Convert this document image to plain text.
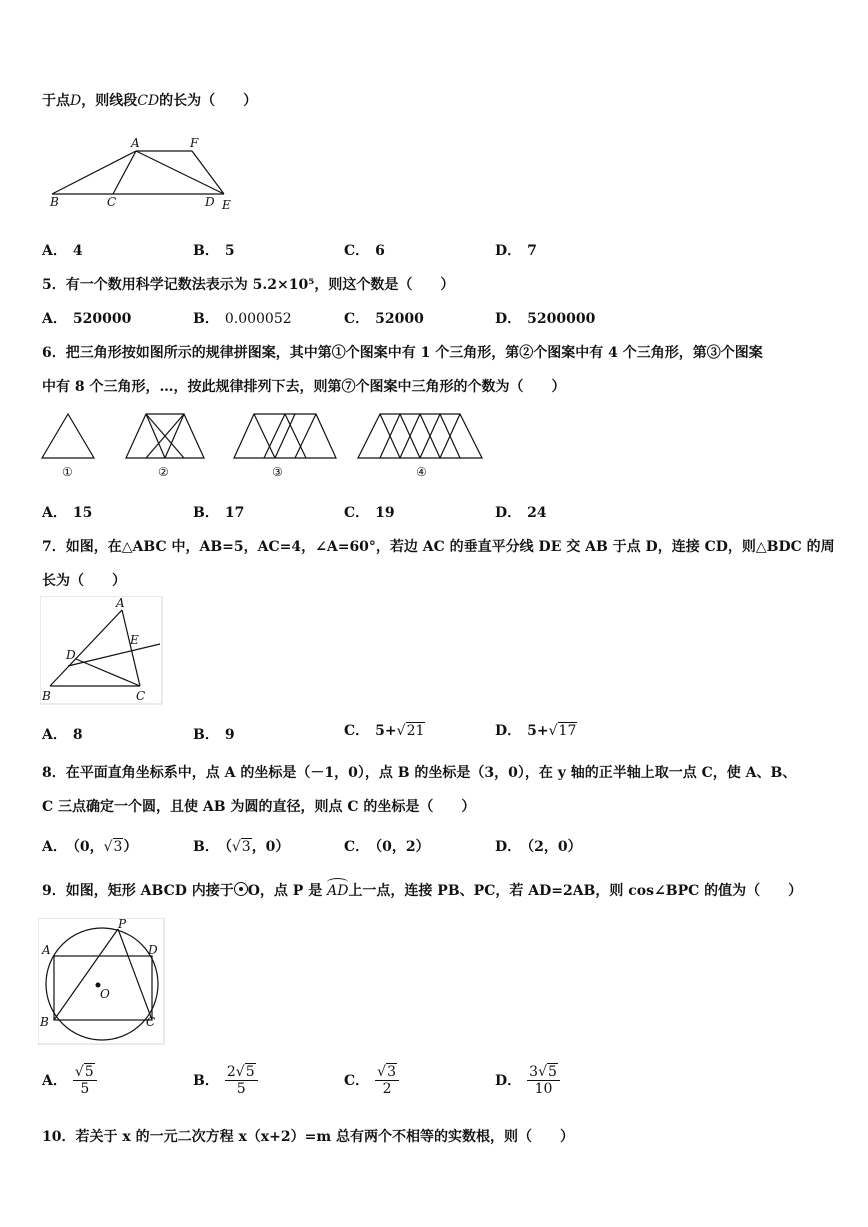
于点D，则线段CD的长为（　　）
A	F
B	C	D E
A． 4	B． 5	C． 6	D． 7
5．有一个数用科学记数法表示为 5.2×10⁵，则这个数是（　　）
A． 520000	B． 0.000052	C． 52000	D． 5200000
6．把三角形按如图所示的规律拼图案，其中第①个图案中有 1 个三角形，第②个图案中有 4 个三角形，第③个图案
中有 8 个三角形，…，按此规律排列下去，则第⑦个图案中三角形的个数为（　　）
①	②	③	④
A． 15	B． 17	C． 19	D． 24
7．如图，在△ABC 中，AB=5，AC=4，∠A=60°，若边 AC 的垂直平分线 DE 交 AB 于点 D，连接 CD，则△BDC 的周
长为（　　）
A
E
D
B	C
A． 8	B． 9	C． 5+√21	D． 5+√17
8．在平面直角坐标系中，点 A 的坐标是（－1，0），点 B 的坐标是（3，0），在 y 轴的正半轴上取一点 C，使 A、B、
C 三点确定一个圆，且使 AB 为圆的直径，则点 C 的坐标是（　　）
A． （0，√3）	B． （√3，0）	C． （0，2）	D． （2，0）
9．如图，矩形 ABCD 内接于 O，点 P 是 AD上一点，连接 PB、PC，若 AD=2AB，则 cos∠BPC 的值为（　　）
P
A	D
O
B	C
A． $\frac{√5}{5}$	B． $\frac{2√5}{5}$	C． $\frac{√3}{2}$	D． $\frac{3√5}{10}$
10．若关于 x 的一元二次方程 x（x+2）=m 总有两个不相等的实数根，则（　　）
